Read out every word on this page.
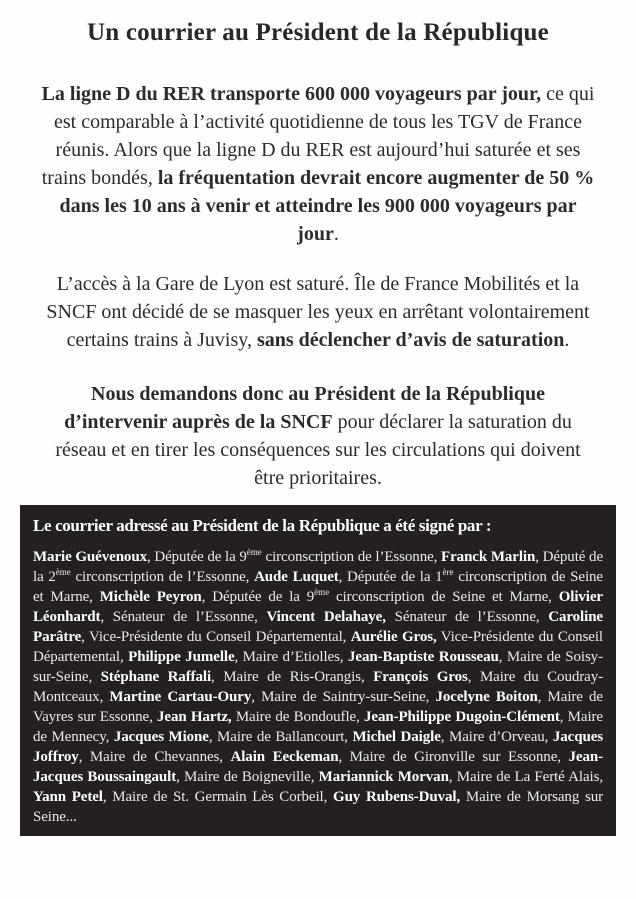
Un courrier au Président de la République

La ligne D du RER transporte 600 000 voyageurs par jour, ce qui est comparable à l’activité quotidienne de tous les TGV de France réunis. Alors que la ligne D du RER est aujourd’hui saturée et ses trains bondés, la fréquentation devrait encore augmenter de 50 % dans les 10 ans à venir et atteindre les 900 000 voyageurs par jour.

L’accès à la Gare de Lyon est saturé. Île de France Mobilités et la SNCF ont décidé de se masquer les yeux en arrêtant volontairement certains trains à Juvisy, sans déclencher d’avis de saturation.

Nous demandons donc au Président de la République d’intervenir auprès de la SNCF pour déclarer la saturation du réseau et en tirer les conséquences sur les circulations qui doivent être prioritaires.

Le courrier adressé au Président de la République a été signé par :

Marie Guévenoux, Députée de la 9ème circonscription de l’Essonne, Franck Marlin, Député de la 2ème circonscription de l’Essonne, Aude Luquet, Députée de la 1ère circonscription de Seine et Marne, Michèle Peyron, Députée de la 9ème circonscription de Seine et Marne, Olivier Léonhardt, Sénateur de l’Essonne, Vincent Delahaye, Sénateur de l’Essonne, Caroline Parâtre, Vice-Présidente du Conseil Départemental, Aurélie Gros, Vice-Présidente du Conseil Départemental, Philippe Jumelle, Maire d’Etiolles, Jean-Baptiste Rousseau, Maire de Soisy-sur-Seine, Stéphane Raffali, Maire de Ris-Orangis, François Gros, Maire du Coudray-Montceaux, Martine Cartau-Oury, Maire de Saintry-sur-Seine, Jocelyne Boiton, Maire de Vayres sur Essonne, Jean Hartz, Maire de Bondoufle, Jean-Philippe Dugoin-Clément, Maire de Mennecy, Jacques Mione, Maire de Ballancourt, Michel Daigle, Maire d’Orveau, Jacques Joffroy, Maire de Chevannes, Alain Eeckeman, Maire de Gironville sur Essonne, Jean-Jacques Boussaingault, Maire de Boigneville, Mariannick Morvan, Maire de La Ferté Alais, Yann Petel, Maire de St. Germain Lès Corbeil, Guy Rubens-Duval, Maire de Morsang sur Seine...
